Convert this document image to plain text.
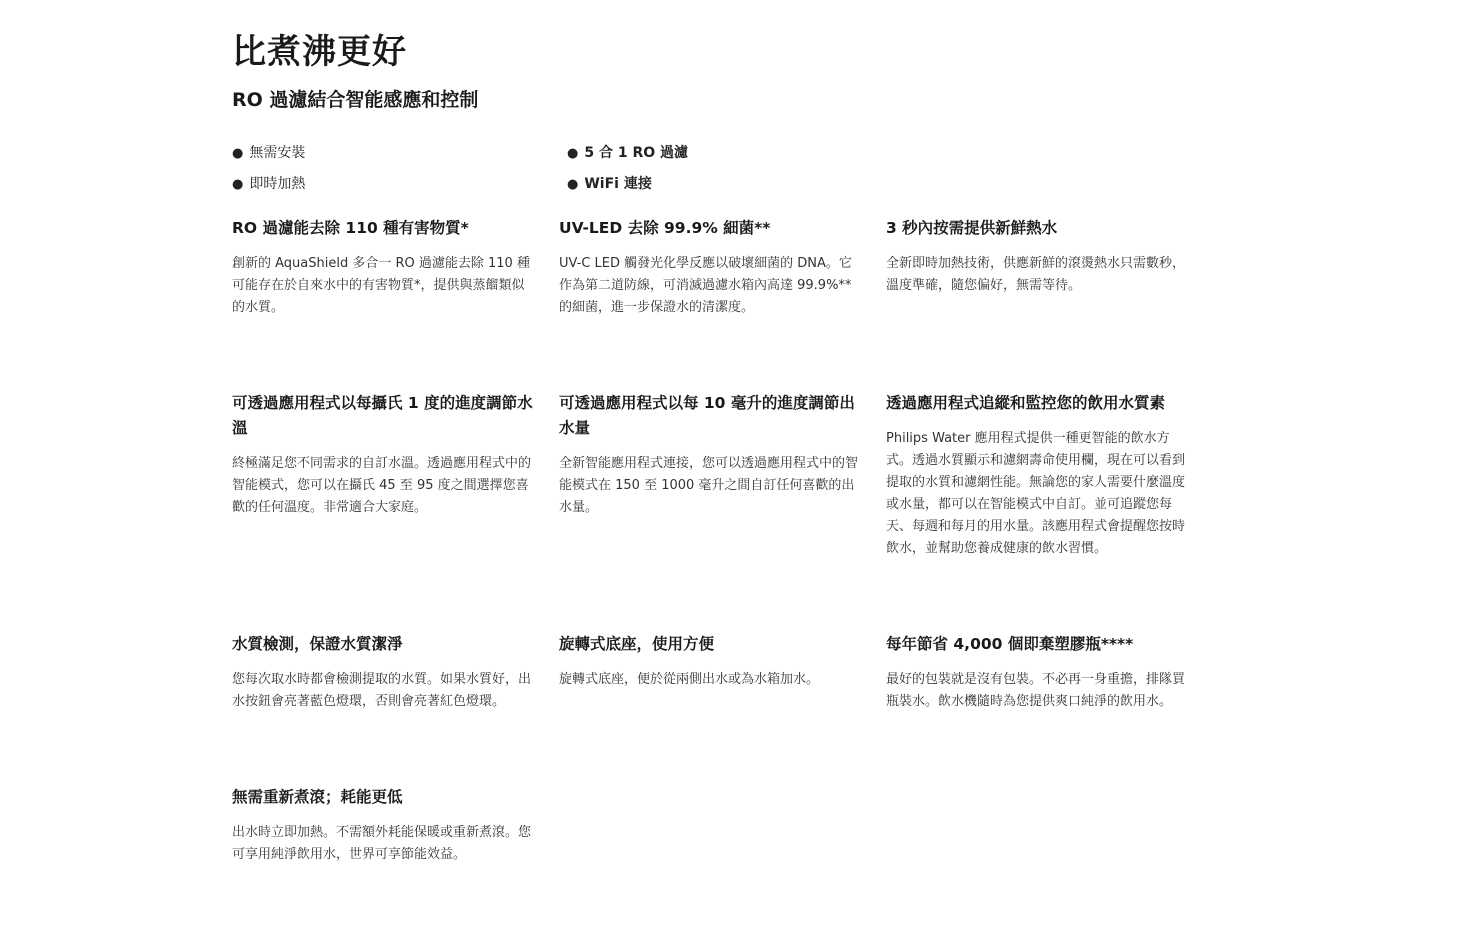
比煮沸更好
RO 過濾結合智能感應和控制
● 無需安裝
● 即時加熱
● 5 合 1 RO 過濾
● WiFi 連接
RO 過濾能去除 110 種有害物質*

創新的 AquaShield 多合一 RO 過濾能去除 110 種可能存在於自來水中的有害物質*，提供與蒸餾類似的水質。

UV-LED 去除 99.9% 細菌**

UV-C LED 觸發光化學反應以破壞細菌的 DNA。它作為第二道防線，可消滅過濾水箱內高達 99.9%** 的細菌，進一步保證水的清潔度。

3 秒內按需提供新鮮熱水

全新即時加熱技術，供應新鮮的滾燙熱水只需數秒，溫度準確，隨您偏好，無需等待。

可透過應用程式以每攝氏 1 度的進度調節水溫

終極滿足您不同需求的自訂水溫。透過應用程式中的智能模式，您可以在攝氏 45 至 95 度之間選擇您喜歡的任何溫度。非常適合大家庭。

可透過應用程式以每 10 毫升的進度調節出水量

全新智能應用程式連接，您可以透過應用程式中的智能模式在 150 至 1000 毫升之間自訂任何喜歡的出水量。

透過應用程式追縱和監控您的飲用水質素

Philips Water 應用程式提供一種更智能的飲水方式。透過水質顯示和濾網壽命使用欄，現在可以看到提取的水質和濾網性能。無論您的家人需要什麼溫度或水量，都可以在智能模式中自訂。並可追蹤您每天、每週和每月的用水量。該應用程式會提醒您按時飲水，並幫助您養成健康的飲水習慣。

水質檢測，保證水質潔淨

您每次取水時都會檢測提取的水質。如果水質好，出水按鈕會亮著藍色燈環，否則會亮著紅色燈環。

旋轉式底座，使用方便

旋轉式底座，便於從兩側出水或為水箱加水。

每年節省 4,000 個即棄塑膠瓶****

最好的包裝就是沒有包裝。不必再一身重擔，排隊買瓶裝水。飲水機隨時為您提供爽口純淨的飲用水。

無需重新煮滾；耗能更低

出水時立即加熱。不需額外耗能保暖或重新煮滾。您可享用純淨飲用水，世界可享節能效益。
